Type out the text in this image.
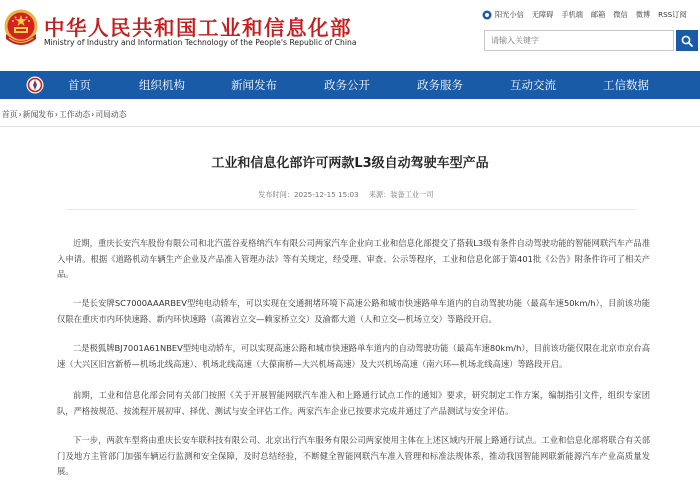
中华人民共和国工业和信息化部
Ministry of Industry and Information Technology of the People's Republic of China
阳光小信 无障碍 手机端 邮箱 微信 微博 RSS订阅
请输入关键字
首页	组织机构	新闻发布	政务公开	政务服务	互动交流	工信数据
首页›新闻发布›工作动态›司局动态
工业和信息化部许可两款L3级自动驾驶车型产品
发布时间：2025-12-15 15:03 来源：装备工业一司

近期，重庆长安汽车股份有限公司和北汽蓝谷麦格纳汽车有限公司两家汽车企业向工业和信息化部提交了搭载L3级有条件自动驾驶功能的智能网联汽车产品准入申请。根据《道路机动车辆生产企业及产品准入管理办法》等有关规定，经受理、审查、公示等程序，工业和信息化部于第401批《公告》附条件许可了相关产品。

一是长安牌SC7000AAARBEV型纯电动轿车，可以实现在交通拥堵环境下高速公路和城市快速路单车道内的自动驾驶功能（最高车速50km/h），目前该功能仅限在重庆市内环快速路、新内环快速路（高滩岩立交—赖家桥立交）及渝都大道（人和立交—机场立交）等路段开启。

二是极狐牌BJ7001A61NBEV型纯电动轿车，可以实现高速公路和城市快速路单车道内的自动驾驶功能（最高车速80km/h），目前该功能仅限在北京市京台高速（大兴区旧宫新桥—机场北线高速）、机场北线高速（大葆南桥—大兴机场高速）及大兴机场高速（南六环—机场北线高速）等路段开启。

前期，工业和信息化部会同有关部门按照《关于开展智能网联汽车准入和上路通行试点工作的通知》要求，研究制定工作方案，编制指引文件，组织专家团队，严格按规范、按流程开展初审、择优、测试与安全评估工作。两家汽车企业已按要求完成并通过了产品测试与安全评估。

下一步，两款车型将由重庆长安车联科技有限公司、北京出行汽车服务有限公司两家使用主体在上述区域内开展上路通行试点。工业和信息化部将联合有关部门及地方主管部门加强车辆运行监测和安全保障，及时总结经验，不断健全智能网联汽车准入管理和标准法规体系，推动我国智能网联新能源汽车产业高质量发展。
